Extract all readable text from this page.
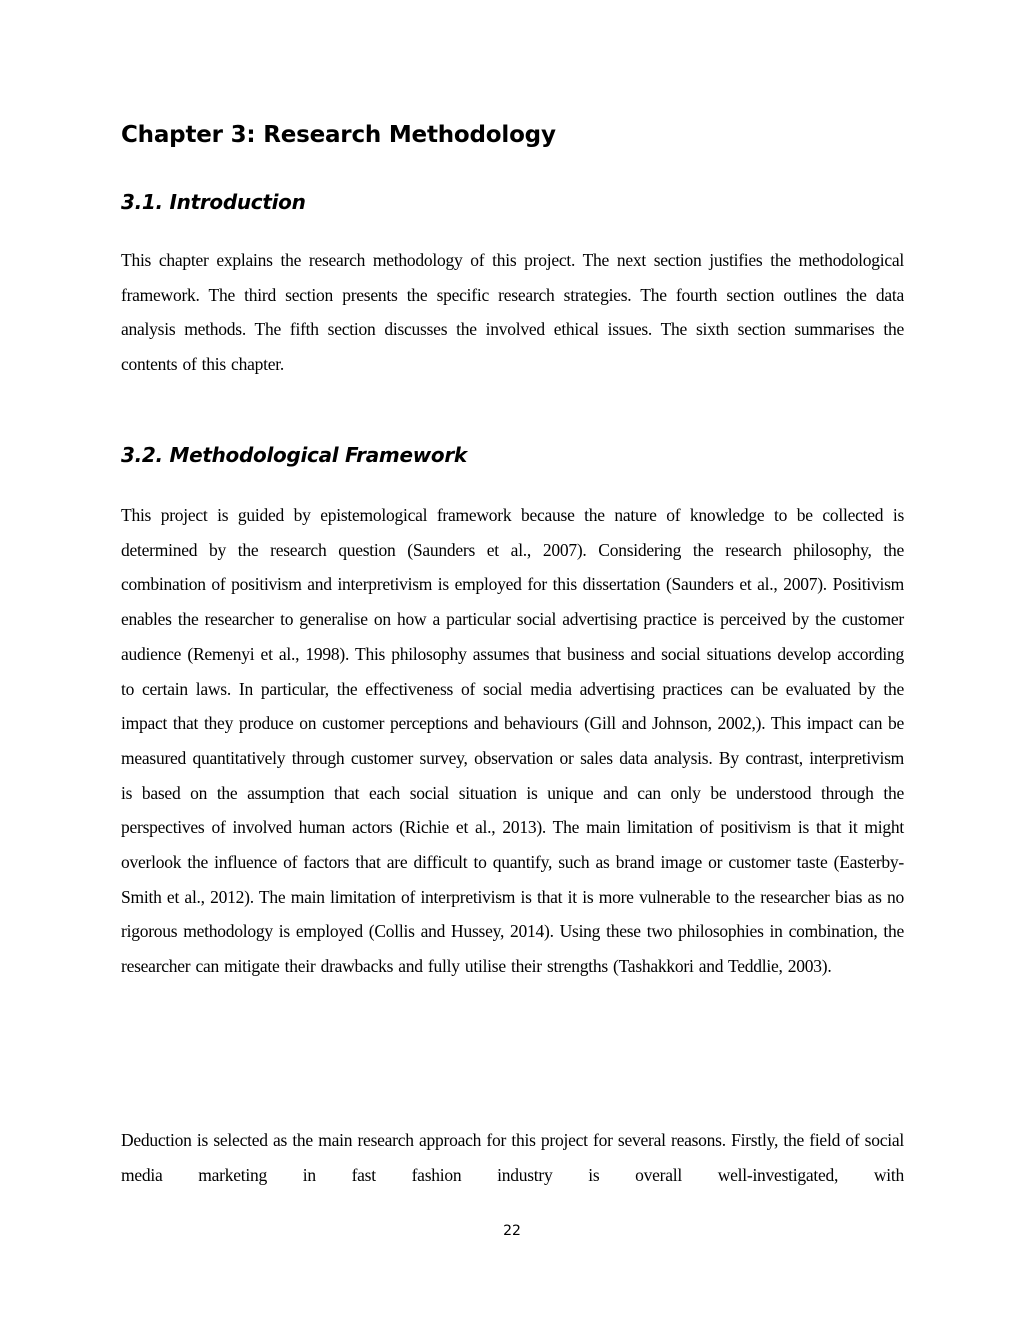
Chapter 3: Research Methodology
3.1. Introduction

This chapter explains the research methodology of this project. The next section justifies the methodological framework. The third section presents the specific research strategies. The fourth section outlines the data analysis methods. The fifth section discusses the involved ethical issues. The sixth section summarises the contents of this chapter.

3.2. Methodological Framework

This project is guided by epistemological framework because the nature of knowledge to be collected is determined by the research question (Saunders et al., 2007). Considering the research philosophy, the combination of positivism and interpretivism is employed for this dissertation (Saunders et al., 2007). Positivism enables the researcher to generalise on how a particular social advertising practice is perceived by the customer audience (Remenyi et al., 1998). This philosophy assumes that business and social situations develop according to certain laws. In particular, the effectiveness of social media advertising practices can be evaluated by the impact that they produce on customer perceptions and behaviours (Gill and Johnson, 2002,). This impact can be measured quantitatively through customer survey, observation or sales data analysis. By contrast, interpretivism is based on the assumption that each social situation is unique and can only be understood through the perspectives of involved human actors (Richie et al., 2013). The main limitation of positivism is that it might overlook the influence of factors that are difficult to quantify, such as brand image or customer taste (Easterby-Smith et al., 2012). The main limitation of interpretivism is that it is more vulnerable to the researcher bias as no rigorous methodology is employed (Collis and Hussey, 2014). Using these two philosophies in combination, the researcher can mitigate their drawbacks and fully utilise their strengths (Tashakkori and Teddlie, 2003).

Deduction is selected as the main research approach for this project for several reasons. Firstly, the field of social media marketing in fast fashion industry is overall well-investigated, with

22
